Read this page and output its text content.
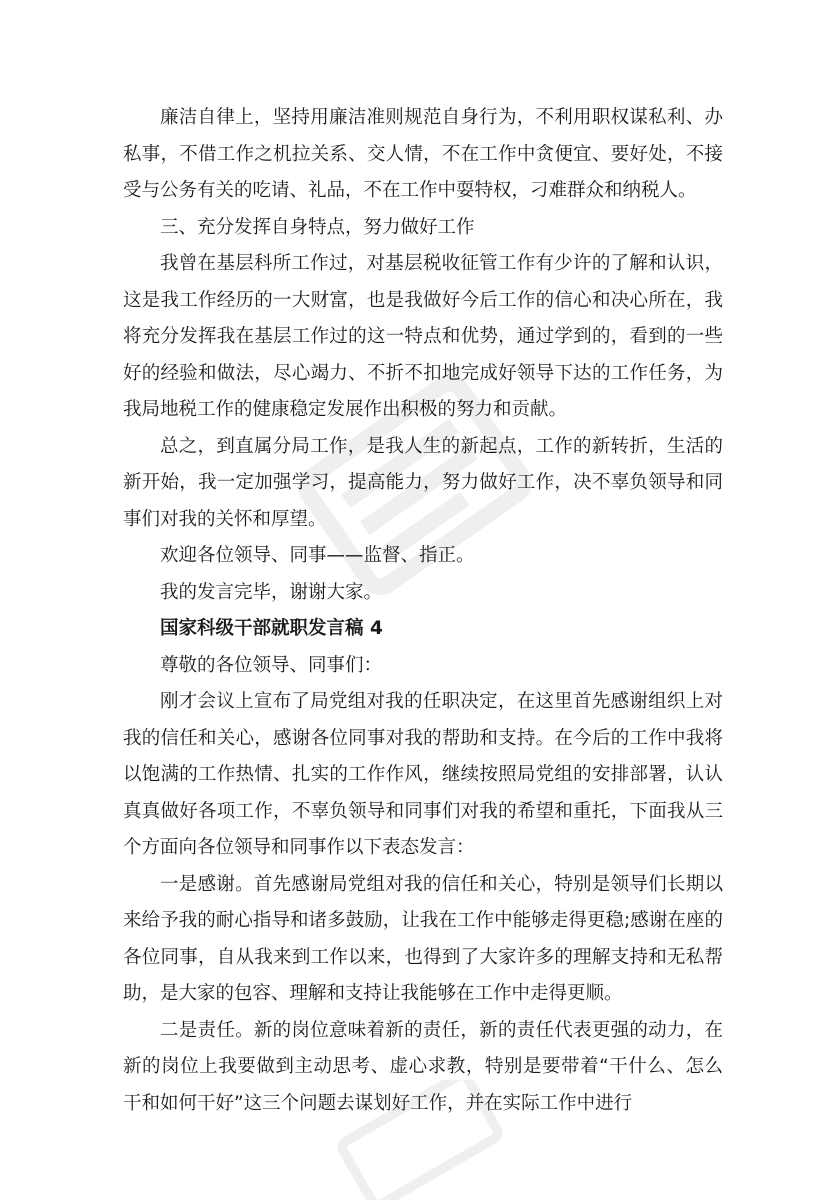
廉洁自律上，坚持用廉洁准则规范自身行为，不利用职权谋私利、办私事，不借工作之机拉关系、交人情，不在工作中贪便宜、要好处，不接受与公务有关的吃请、礼品，不在工作中耍特权，刁难群众和纳税人。

三、充分发挥自身特点，努力做好工作

我曾在基层科所工作过，对基层税收征管工作有少许的了解和认识，这是我工作经历的一大财富，也是我做好今后工作的信心和决心所在，我将充分发挥我在基层工作过的这一特点和优势，通过学到的，看到的一些好的经验和做法，尽心竭力、不折不扣地完成好领导下达的工作任务，为我局地税工作的健康稳定发展作出积极的努力和贡献。

总之，到直属分局工作，是我人生的新起点，工作的新转折，生活的新开始，我一定加强学习，提高能力，努力做好工作，决不辜负领导和同事们对我的关怀和厚望。

欢迎各位领导、同事——监督、指正。

我的发言完毕，谢谢大家。

国家科级干部就职发言稿 4

尊敬的各位领导、同事们：

刚才会议上宣布了局党组对我的任职决定，在这里首先感谢组织上对我的信任和关心，感谢各位同事对我的帮助和支持。在今后的工作中我将以饱满的工作热情、扎实的工作作风，继续按照局党组的安排部署，认认真真做好各项工作，不辜负领导和同事们对我的希望和重托，下面我从三个方面向各位领导和同事作以下表态发言：

一是感谢。首先感谢局党组对我的信任和关心，特别是领导们长期以来给予我的耐心指导和诸多鼓励，让我在工作中能够走得更稳;感谢在座的各位同事，自从我来到工作以来，也得到了大家许多的理解支持和无私帮助，是大家的包容、理解和支持让我能够在工作中走得更顺。

二是责任。新的岗位意味着新的责任，新的责任代表更强的动力，在新的岗位上我要做到主动思考、虚心求教，特别是要带着“干什么、怎么干和如何干好”这三个问题去谋划好工作，并在实际工作中进行
